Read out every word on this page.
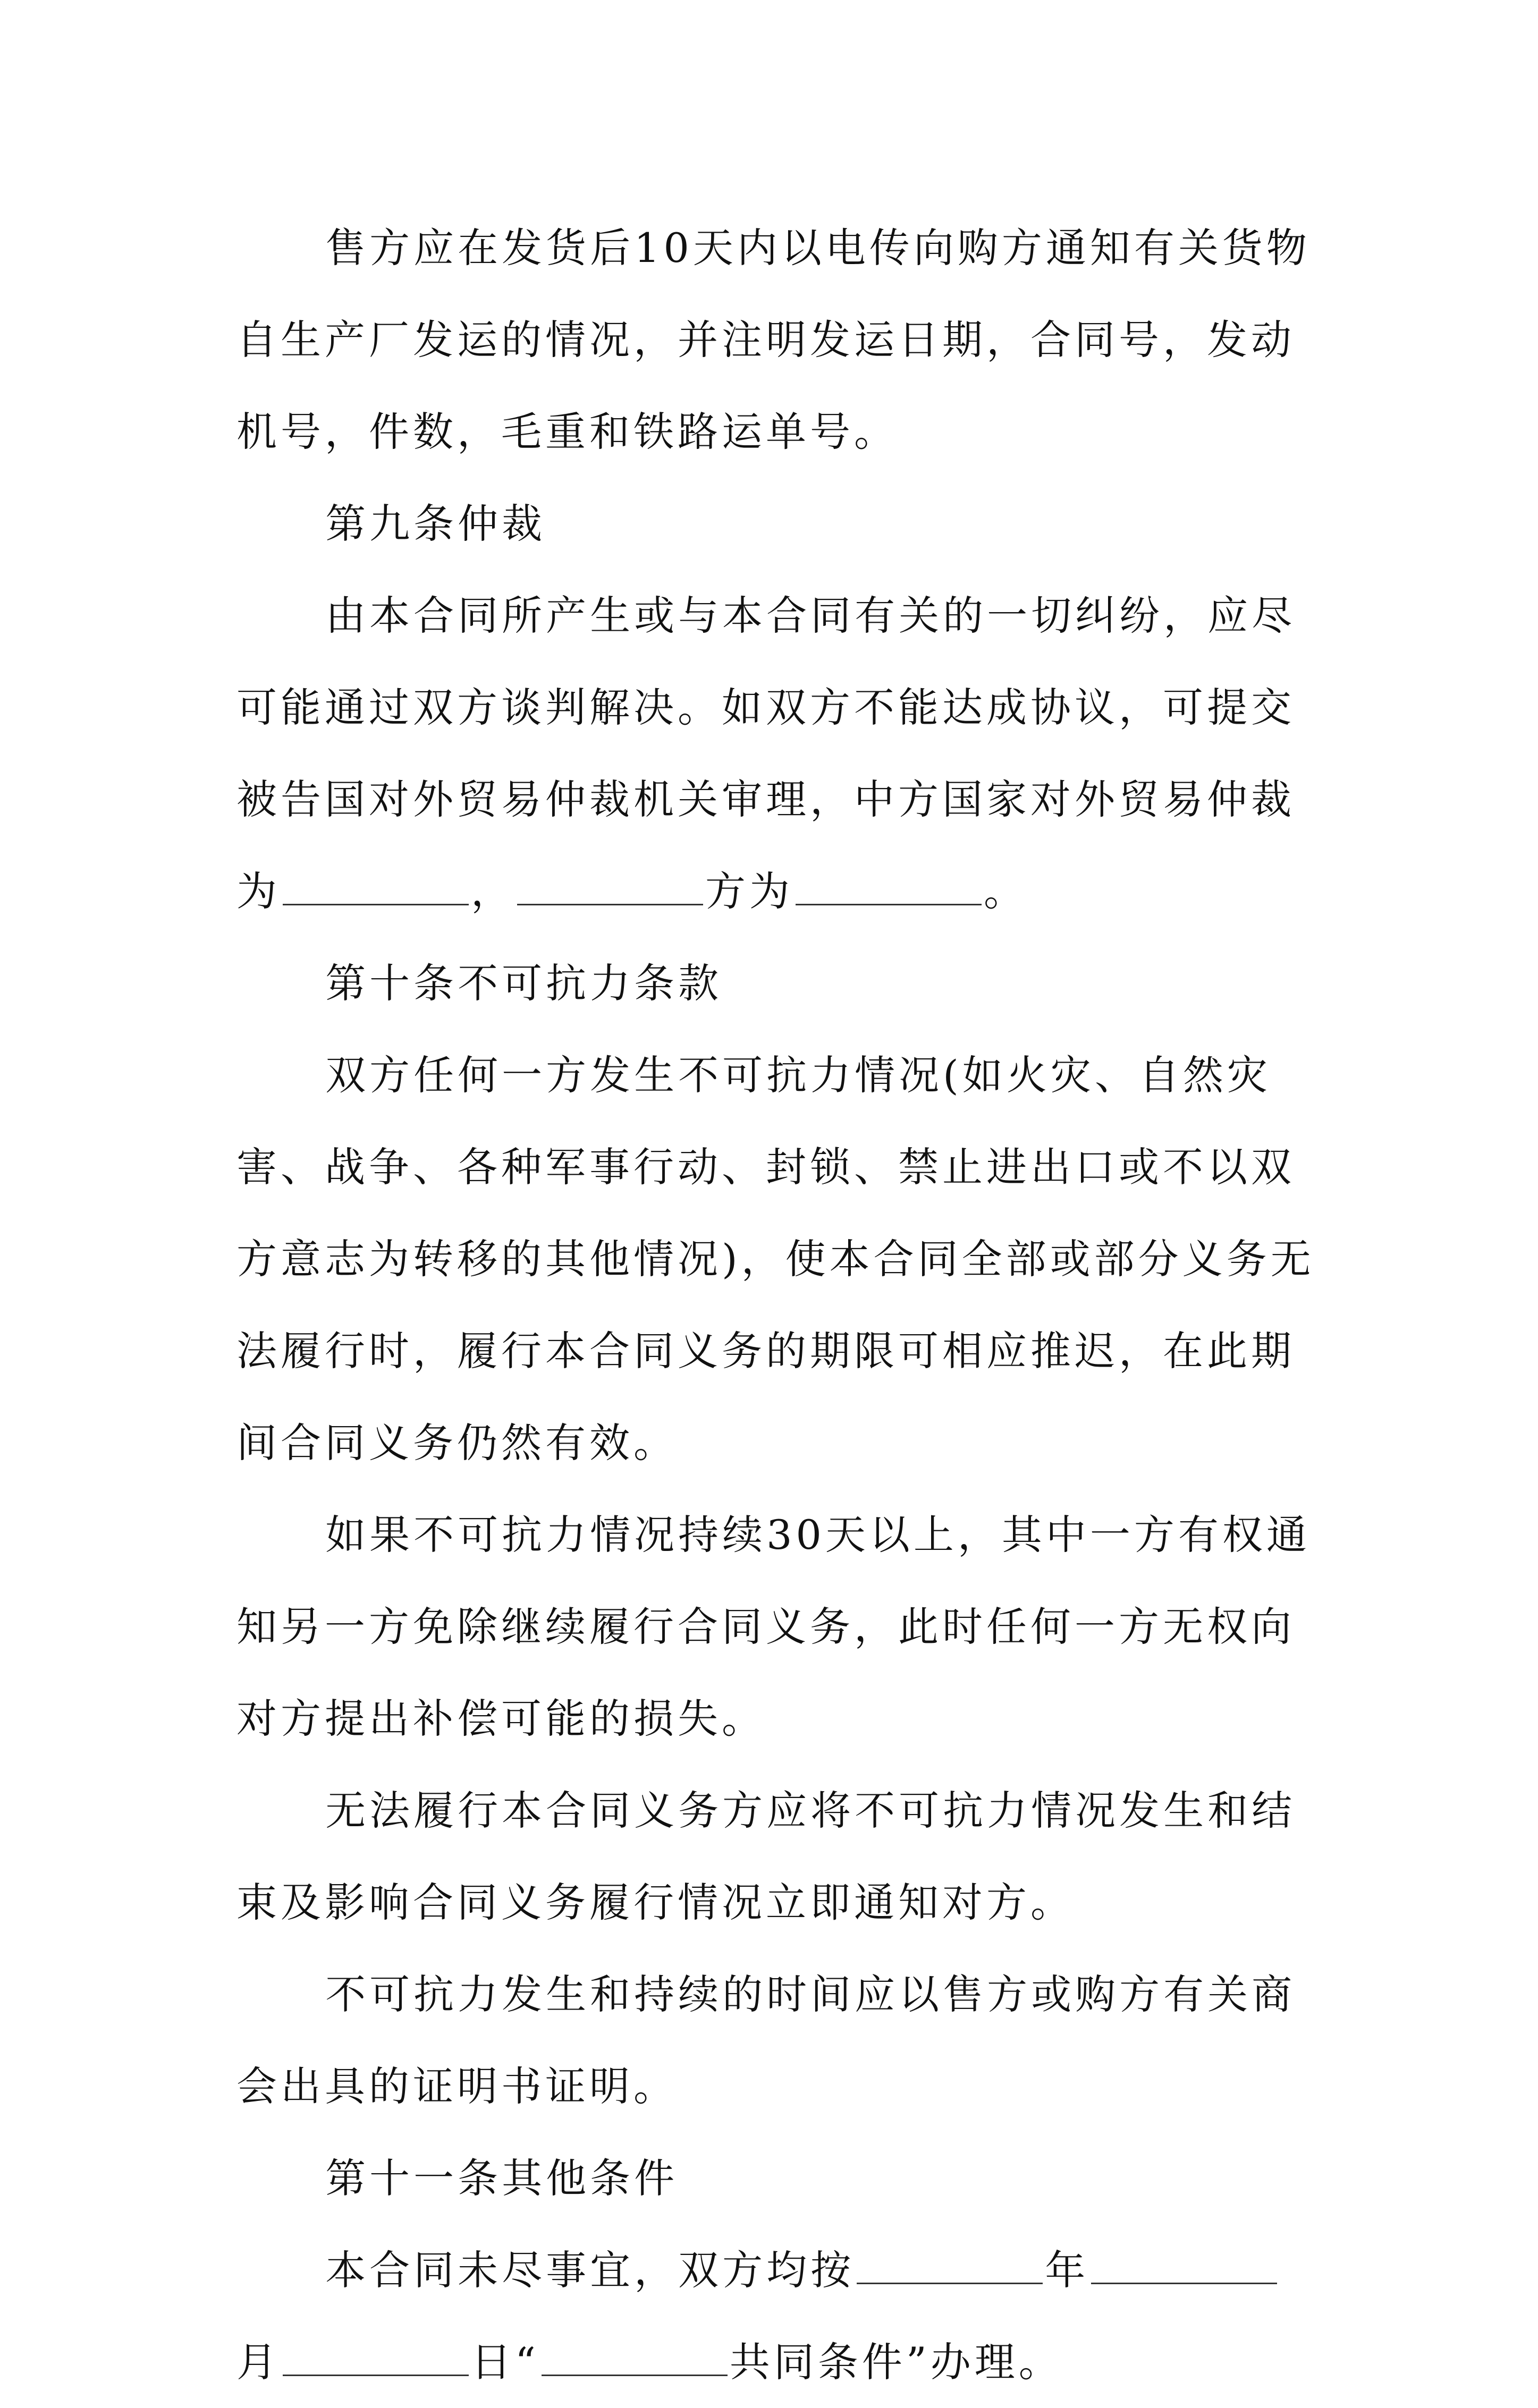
售方应在发货后10天内以电传向购方通知有关货物自生产厂发运的情况，并注明发运日期，合同号，发动机号，件数，毛重和铁路运单号。

第九条仲裁

由本合同所产生或与本合同有关的一切纠纷，应尽可能通过双方谈判解决。如双方不能达成协议，可提交被告国对外贸易仲裁机关审理，中方国家对外贸易仲裁为	，	方为	。

第十条不可抗力条款

双方任何一方发生不可抗力情况(如火灾、自然灾害、战争、各种军事行动、封锁、禁止进出口或不以双方意志为转移的其他情况)，使本合同全部或部分义务无法履行时，履行本合同义务的期限可相应推迟，在此期间合同义务仍然有效。

如果不可抗力情况持续30天以上，其中一方有权通知另一方免除继续履行合同义务，此时任何一方无权向对方提出补偿可能的损失。

无法履行本合同义务方应将不可抗力情况发生和结束及影响合同义务履行情况立即通知对方。

不可抗力发生和持续的时间应以售方或购方有关商会出具的证明书证明。

第十一条其他条件

本合同未尽事宜，双方均按	年月	日“	共同条件”办理。
